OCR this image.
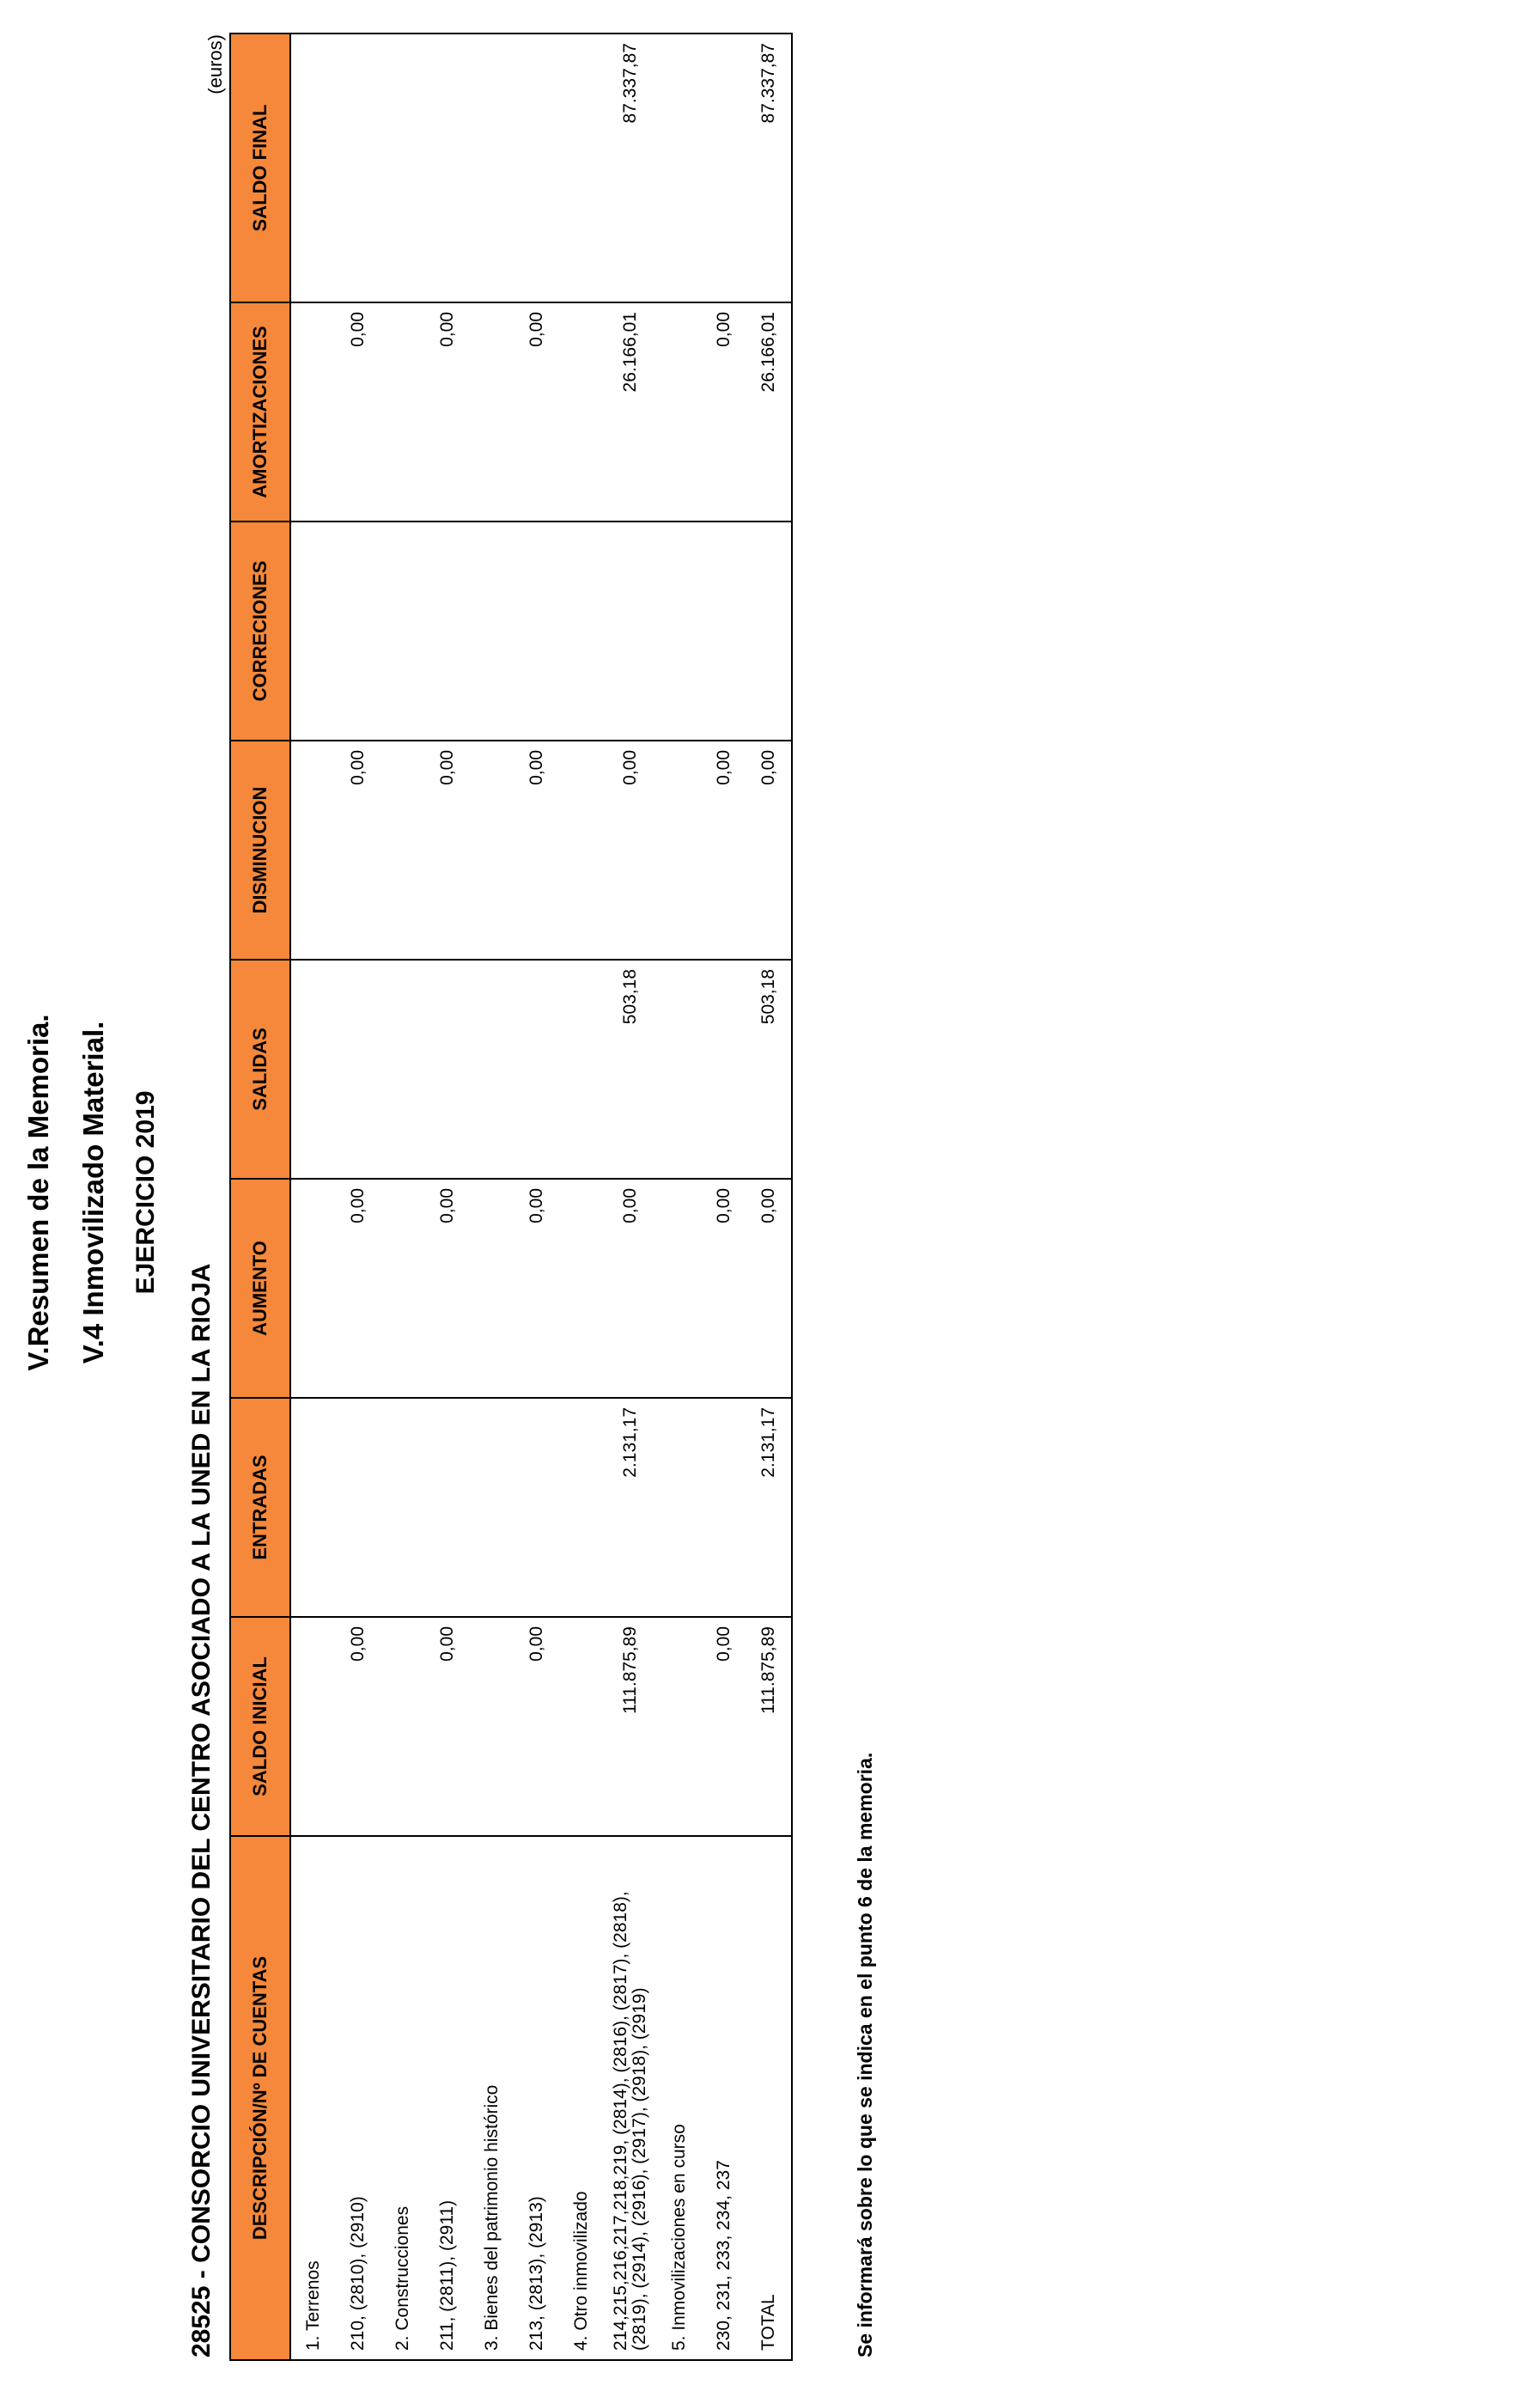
V.Resumen de la Memoria. V.4 Inmovilizado Material. EJERCICIO 2019
28525 - CONSORCIO UNIVERSITARIO DEL CENTRO ASOCIADO A LA UNED EN LA RIOJA
(euros)
DESCRIPCIÓN/Nº DE CUENTAS	SALDO INICIAL	ENTRADAS	AUMENTO	SALIDAS	DISMINUCION	CORRECIONES	AMORTIZACIONES	SALDO FINAL
1. Terrenos								
210, (2810), (2910)	0,00		0,00		0,00		0,00	
2. Construcciones								
211, (2811), (2911)	0,00		0,00		0,00		0,00	
3. Bienes del patrimonio histórico								
213, (2813), (2913)	0,00		0,00		0,00		0,00	
4. Otro inmovilizado								
214,215,216,217,218,219, (2814), (2816), (2817), (2818), (2819), (2914), (2916), (2917), (2918), (2919)	111.875,89	2.131,17	0,00	503,18	0,00		26.166,01	87.337,87
5. Inmovilizaciones en curso								
230, 231, 233, 234, 237	0,00		0,00		0,00		0,00	
TOTAL	111.875,89	2.131,17	0,00	503,18	0,00		26.166,01	87.337,87
Se informará sobre lo que se indica en el punto 6 de la memoria.
